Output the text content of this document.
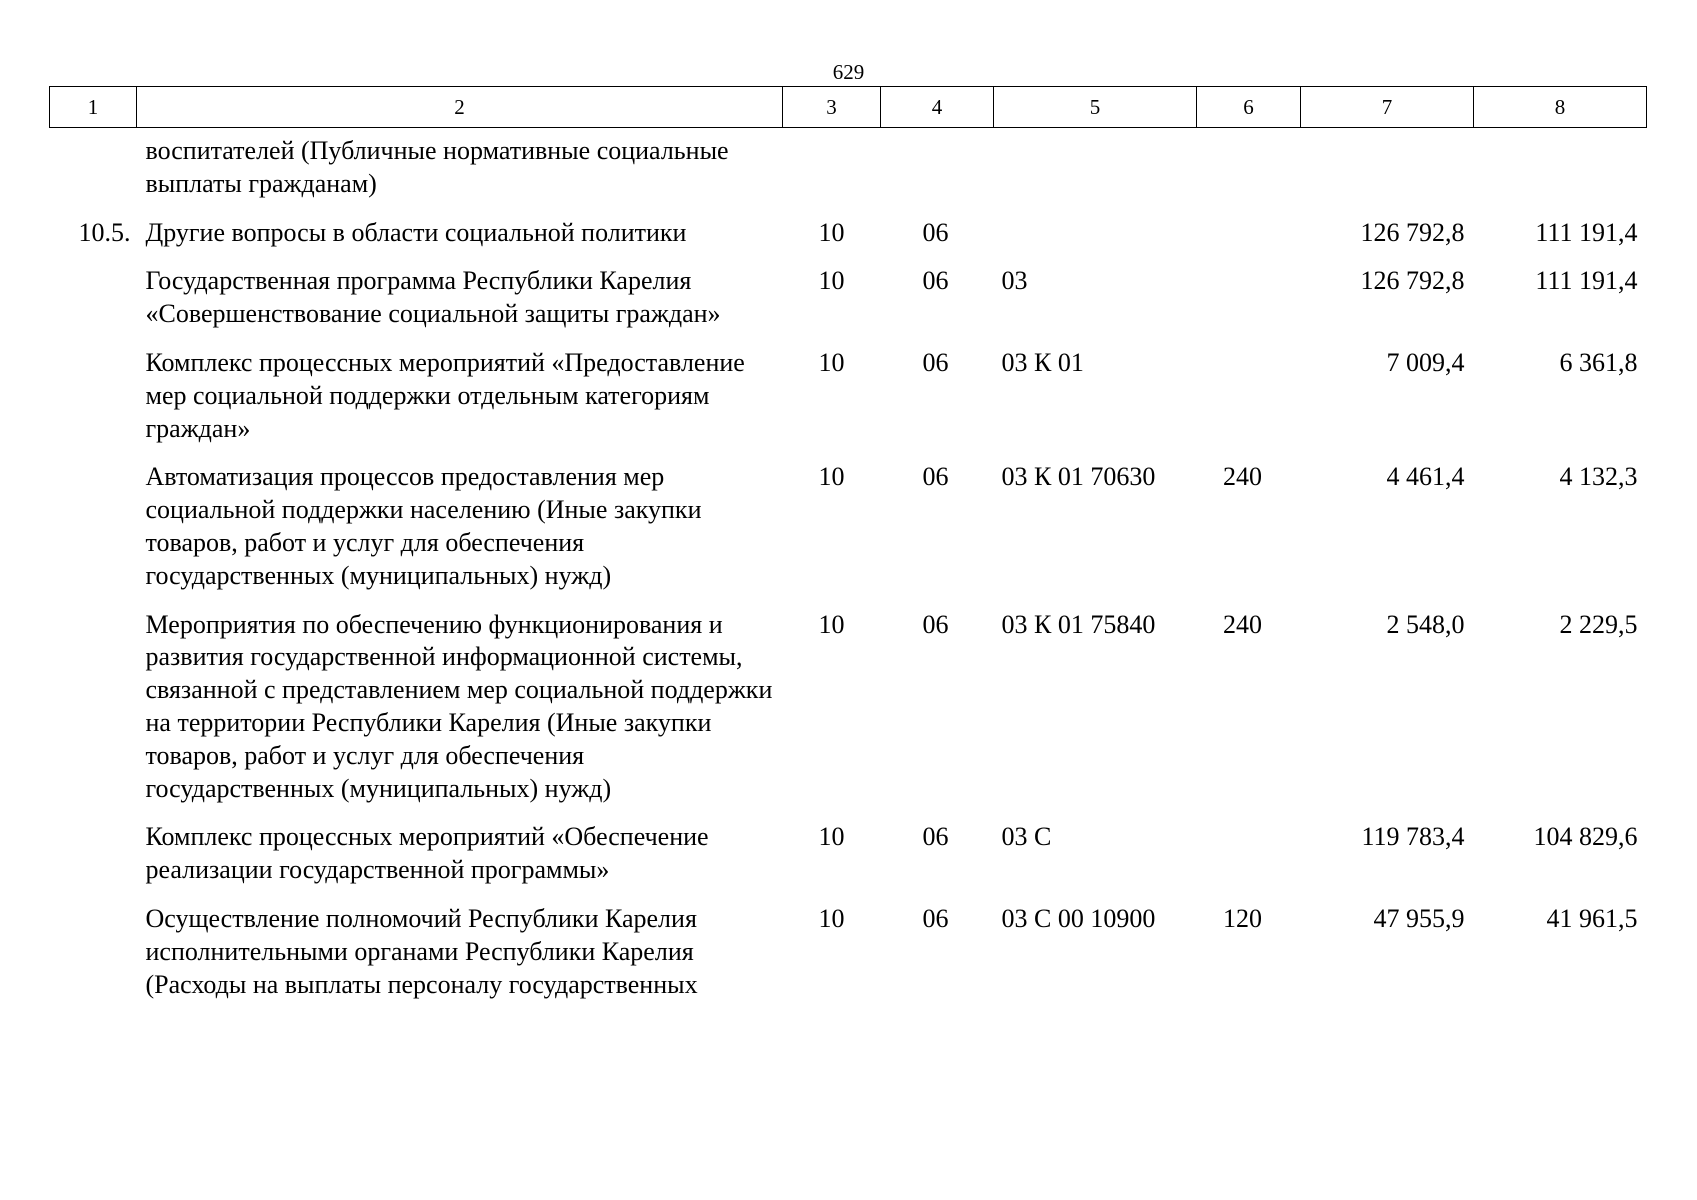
629
1	2	3	4	5	6	7	8
	воспитателей (Публичные нормативные социальные выплаты гражданам)						
10.5.	Другие вопросы в области социальной политики	10	06			126 792,8	111 191,4
	Государственная программа Республики Карелия «Совершенствование социальной защиты граждан»	10	06	03		126 792,8	111 191,4
	Комплекс процессных мероприятий «Предоставление мер социальной поддержки отдельным категориям граждан»	10	06	03 К 01		7 009,4	6 361,8
	Автоматизация процессов предоставления мер социальной поддержки населению (Иные закупки товаров, работ и услуг для обеспечения государственных (муниципальных) нужд)	10	06	03 К 01 70630	240	4 461,4	4 132,3
	Мероприятия по обеспечению функционирования и развития государственной информационной системы, связанной с представлением мер социальной поддержки на территории Республики Карелия (Иные закупки товаров, работ и услуг для обеспечения государственных (муниципальных) нужд)	10	06	03 К 01 75840	240	2 548,0	2 229,5
	Комплекс процессных мероприятий «Обеспечение реализации государственной программы»	10	06	03 С		119 783,4	104 829,6
	Осуществление полномочий Республики Карелия исполнительными органами Республики Карелия (Расходы на выплаты персоналу государственных	10	06	03 С 00 10900	120	47 955,9	41 961,5
